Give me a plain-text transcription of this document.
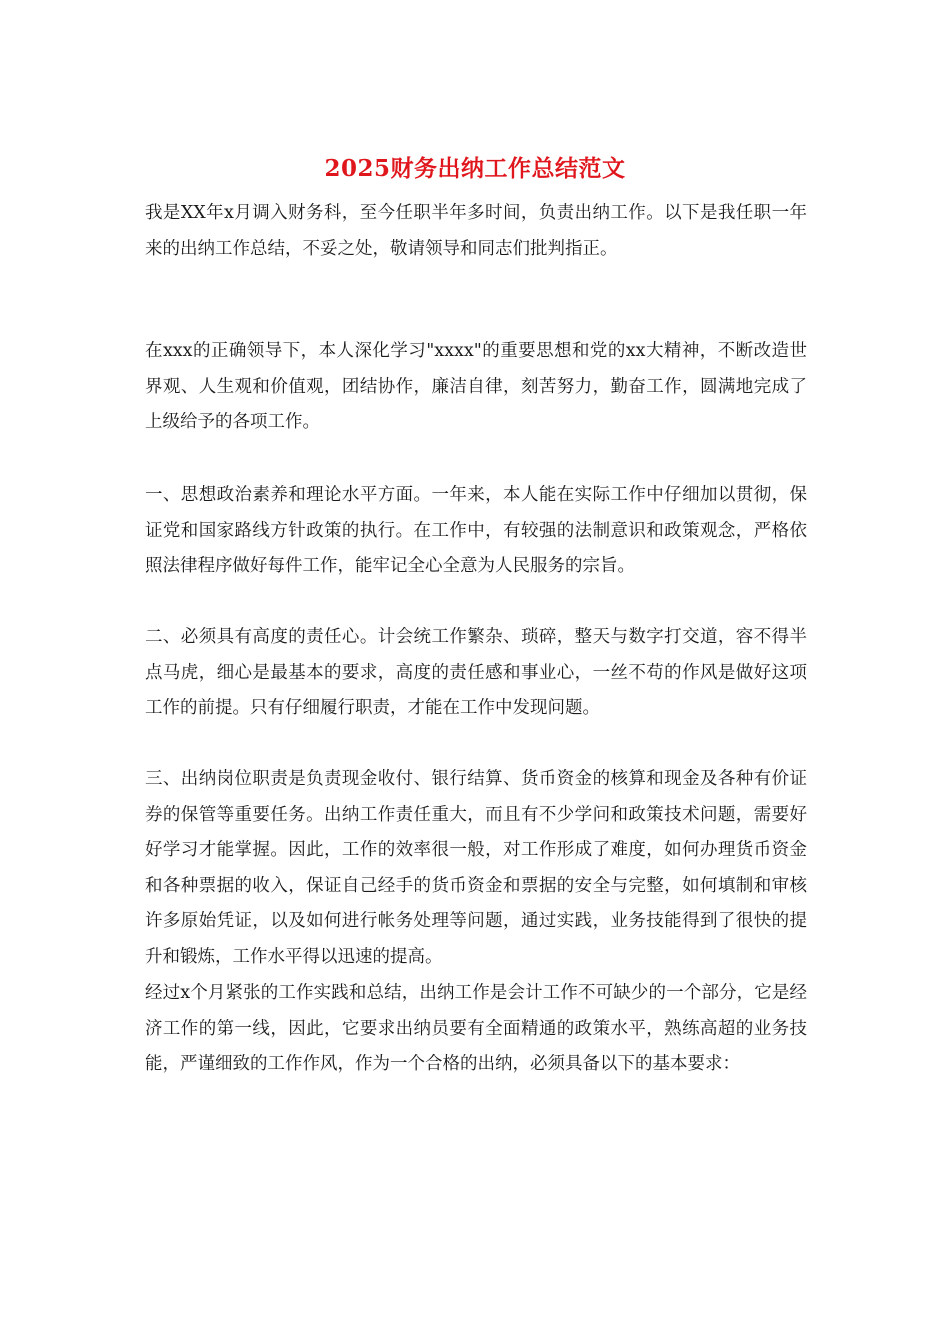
2025财务出纳工作总结范文

我是XX年x月调入财务科，至今任职半年多时间，负责出纳工作。以下是我任职一年来的出纳工作总结，不妥之处，敬请领导和同志们批判指正。

在xxx的正确领导下，本人深化学习"xxxx"的重要思想和党的xx大精神，不断改造世界观、人生观和价值观，团结协作，廉洁自律，刻苦努力，勤奋工作，圆满地完成了上级给予的各项工作。

一、思想政治素养和理论水平方面。一年来，本人能在实际工作中仔细加以贯彻，保证党和国家路线方针政策的执行。在工作中，有较强的法制意识和政策观念，严格依照法律程序做好每件工作，能牢记全心全意为人民服务的宗旨。

二、必须具有高度的责任心。计会统工作繁杂、琐碎，整天与数字打交道，容不得半点马虎，细心是最基本的要求，高度的责任感和事业心，一丝不苟的作风是做好这项工作的前提。只有仔细履行职责，才能在工作中发现问题。

三、出纳岗位职责是负责现金收付、银行结算、货币资金的核算和现金及各种有价证券的保管等重要任务。出纳工作责任重大，而且有不少学问和政策技术问题，需要好好学习才能掌握。因此，工作的效率很一般，对工作形成了难度，如何办理货币资金和各种票据的收入，保证自己经手的货币资金和票据的安全与完整，如何填制和审核许多原始凭证，以及如何进行帐务处理等问题，通过实践，业务技能得到了很快的提升和锻炼，工作水平得以迅速的提高。

经过x个月紧张的工作实践和总结，出纳工作是会计工作不可缺少的一个部分，它是经济工作的第一线，因此，它要求出纳员要有全面精通的政策水平，熟练高超的业务技能，严谨细致的工作作风，作为一个合格的出纳，必须具备以下的基本要求：
